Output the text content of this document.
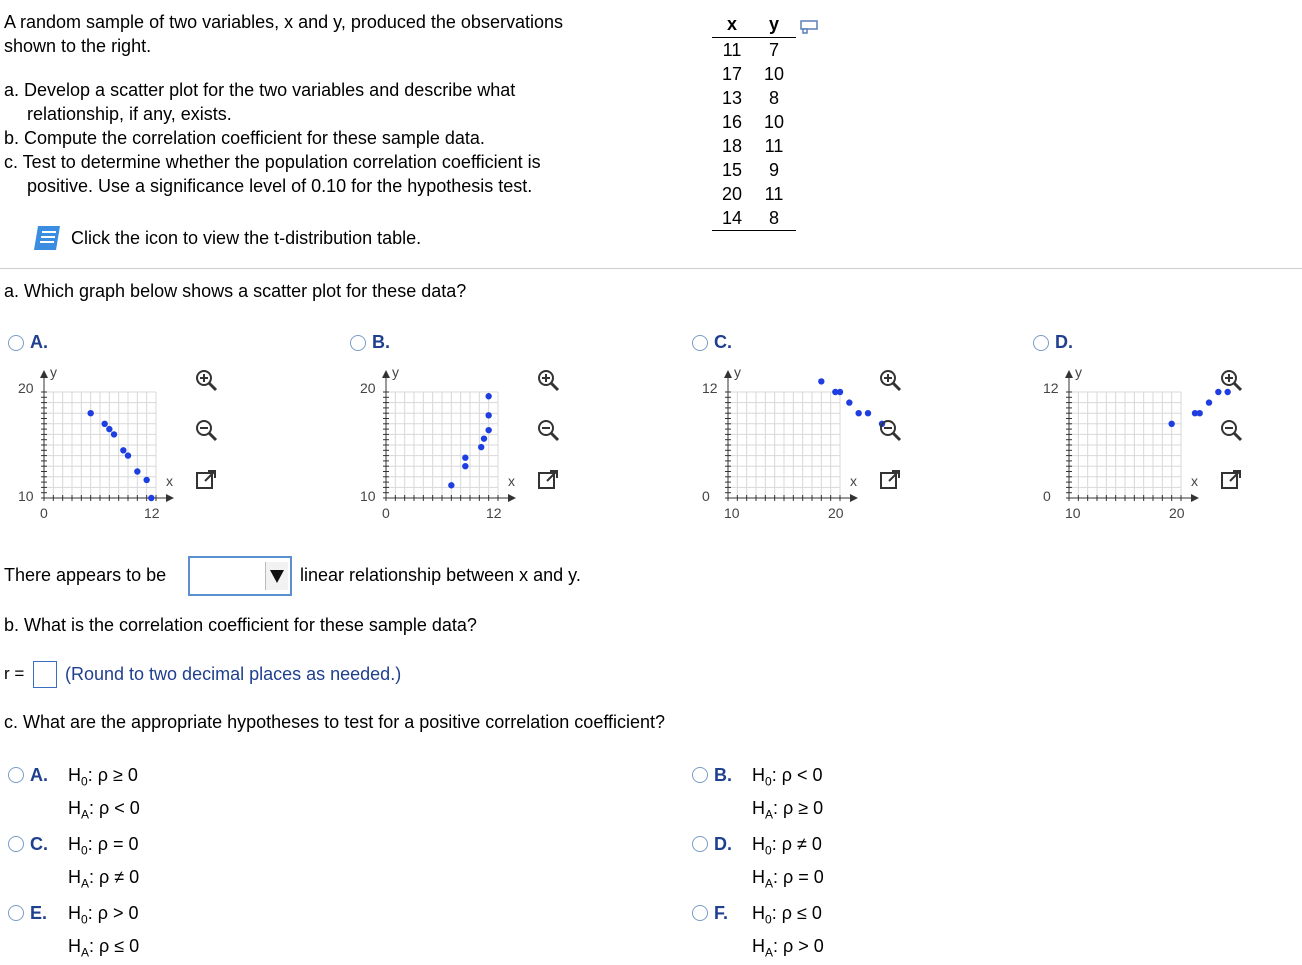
A random sample of two variables, x and y, produced the observations
shown to the right.
a. Develop a scatter plot for the two variables and describe what
relationship, if any, exists.
b. Compute the correlation coefficient for these sample data.
c. Test to determine whether the population correlation coefficient is
positive. Use a significance level of 0.10 for the hypothesis test.
Click the icon to view the t-distribution table.
x	y
11	7
17	10
13	8
16	10
18	11
15	9
20	11
14	8
a. Which graph below shows a scatter plot for these data?
A.
y
20
10
x
0	12
B.
y
20
10
x
0	12
C.
y
12
0
x
10	20
D.
y
12
0
x
10	20
There appears to be	linear relationship between x and y.
b. What is the correlation coefficient for these sample data?
r = (Round to two decimal places as needed.)
c. What are the appropriate hypotheses to test for a positive correlation coefficient?
A. $H_0$: ρ ≥ 0
$H_A$: ρ < 0
B. $H_0$: ρ < 0
$H_A$: ρ ≥ 0
C. $H_0$: ρ = 0
$H_A$: ρ ≠ 0
D. $H_0$: ρ ≠ 0
$H_A$: ρ = 0
E. $H_0$: ρ > 0
$H_A$: ρ ≤ 0
F. $H_0$: ρ ≤ 0
$H_A$: ρ > 0
